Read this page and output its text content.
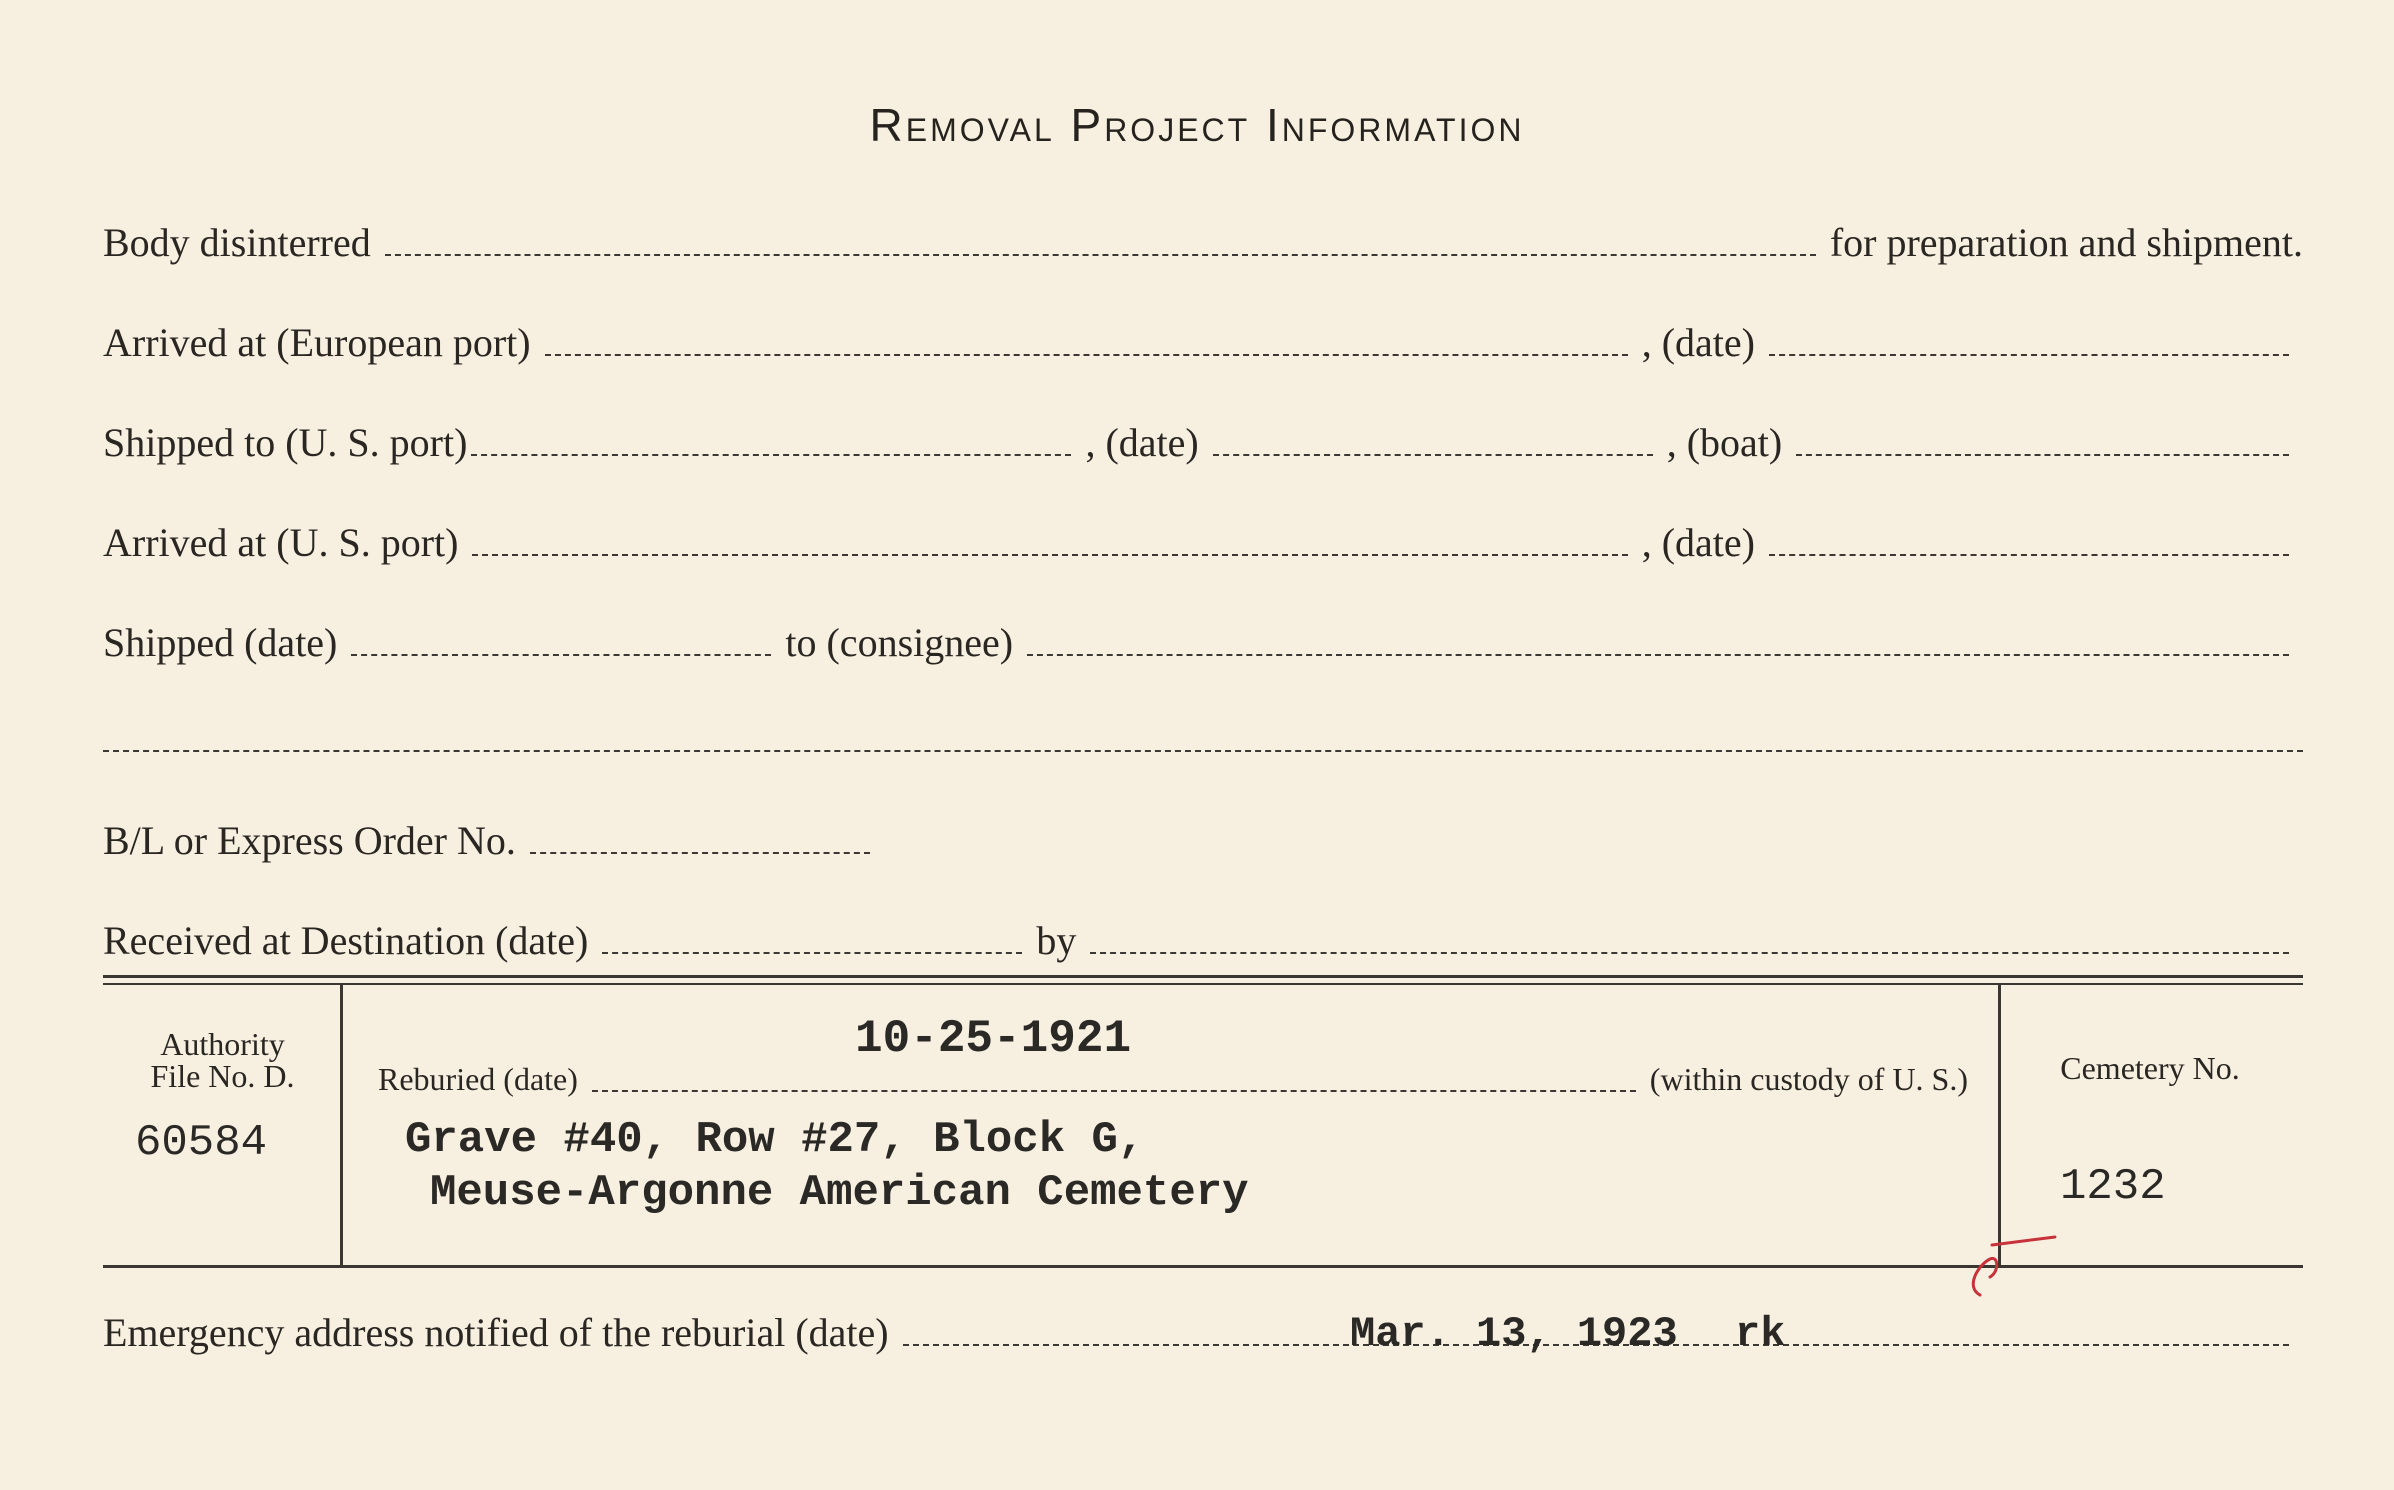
Removal Project Information
Body disinterred	for preparation and shipment.
Arrived at (European port)	, (date)
Shipped to (U. S. port)	, (date)	, (boat)
Arrived at (U. S. port)	, (date)
Shipped (date)	to (consignee)
B/L or Express Order No.
Received at Destination (date)	by
Authority
File No. D.
60584
10-25-1921
Reburied (date)	(within custody of U. S.)
Grave #40, Row #27, Block G,
Meuse-Argonne American Cemetery
Cemetery No.
1232
Emergency address notified of the reburial (date)	Mar. 13, 1923 rk
